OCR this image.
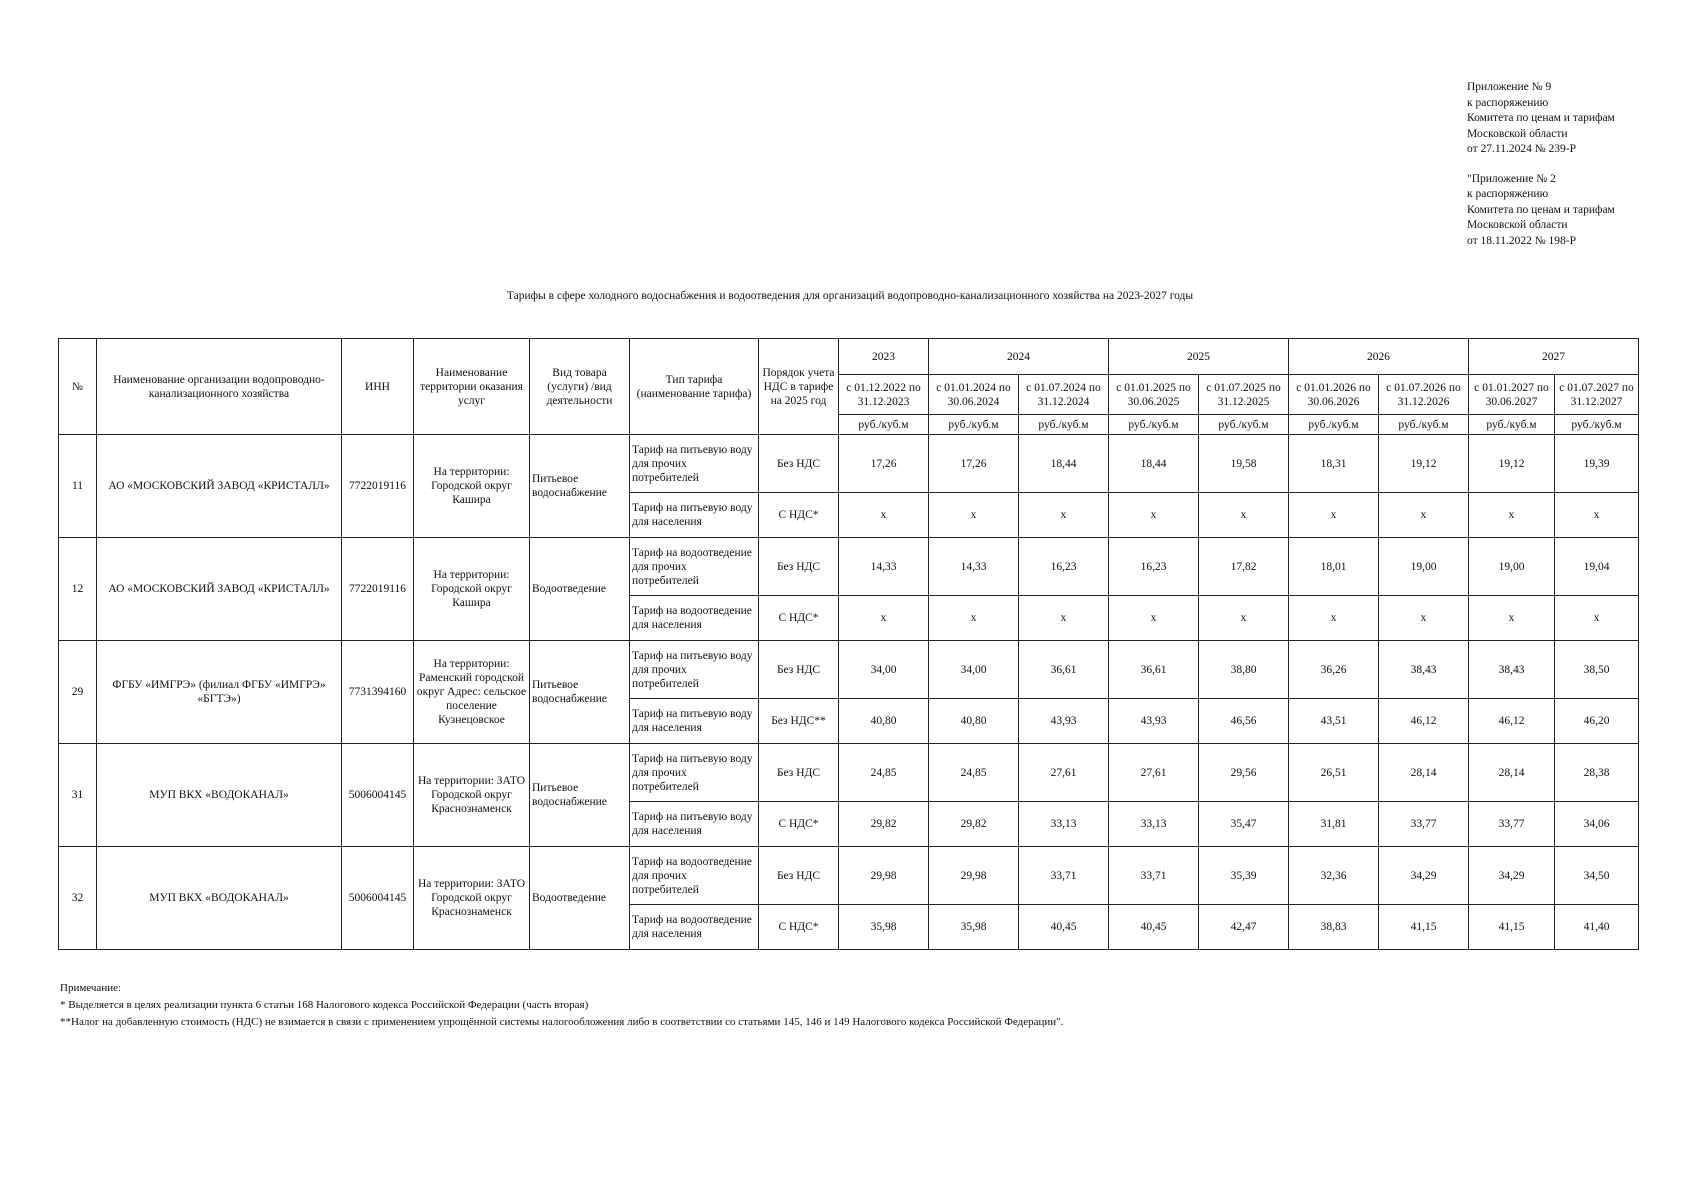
Приложение № 9
к распоряжению
Комитета по ценам и тарифам
Московской области
от 27.11.2024 № 239-Р
"Приложение № 2
к распоряжению
Комитета по ценам и тарифам
Московской области
от 18.11.2022 № 198-Р
Тарифы в сфере холодного водоснабжения и водоотведения для организаций водопроводно-канализационного хозяйства на 2023-2027 годы
№	Наименование организации водопроводно-канализационного хозяйства	ИНН	Наименование территории оказания услуг	Вид товара (услуги) /вид деятельности	Тип тарифа (наименование тарифа)	Порядок учета НДС в тарифе на 2025 год	2023	2024		2025		2026		2027	
							с 01.12.2022 по 31.12.2023	с 01.01.2024 по 30.06.2024	с 01.07.2024 по 31.12.2024	с 01.01.2025 по 30.06.2025	с 01.07.2025 по 31.12.2025	с 01.01.2026 по 30.06.2026	с 01.07.2026 по 31.12.2026	с 01.01.2027 по 30.06.2027	с 01.07.2027 по 31.12.2027
							руб./куб.м	руб./куб.м	руб./куб.м	руб./куб.м	руб./куб.м	руб./куб.м	руб./куб.м	руб./куб.м	руб./куб.м
11	АО «МОСКОВСКИЙ ЗАВОД «КРИСТАЛЛ»	7722019116	На территории: Городской округ Кашира	Питьевое водоснабжение	Тариф на питьевую воду для прочих потребителей	Без НДС	17,26	17,26	18,44	18,44	19,58	18,31	19,12	19,12	19,39
					Тариф на питьевую воду для населения	С НДС*	х	х	х	х	х	х	х	х	х
12	АО «МОСКОВСКИЙ ЗАВОД «КРИСТАЛЛ»	7722019116	На территории: Городской округ Кашира	Водоотведение	Тариф на водоотведение для прочих потребителей	Без НДС	14,33	14,33	16,23	16,23	17,82	18,01	19,00	19,00	19,04
					Тариф на водоотведение для населения	С НДС*	х	х	х	х	х	х	х	х	х
29	ФГБУ «ИМГРЭ» (филиал ФГБУ «ИМГРЭ» «БГТЭ»)	7731394160	На территории: Раменский городской округ Адрес: сельское поселение Кузнецовское	Питьевое водоснабжение	Тариф на питьевую воду для прочих потребителей	Без НДС	34,00	34,00	36,61	36,61	38,80	36,26	38,43	38,43	38,50
					Тариф на питьевую воду для населения	Без НДС**	40,80	40,80	43,93	43,93	46,56	43,51	46,12	46,12	46,20
31	МУП ВКХ «ВОДОКАНАЛ»	5006004145	На территории: ЗАТО Городской округ Краснознаменск	Питьевое водоснабжение	Тариф на питьевую воду для прочих потребителей	Без НДС	24,85	24,85	27,61	27,61	29,56	26,51	28,14	28,14	28,38
					Тариф на питьевую воду для населения	С НДС*	29,82	29,82	33,13	33,13	35,47	31,81	33,77	33,77	34,06
32	МУП ВКХ «ВОДОКАНАЛ»	5006004145	На территории: ЗАТО Городской округ Краснознаменск	Водоотведение	Тариф на водоотведение для прочих потребителей	Без НДС	29,98	29,98	33,71	33,71	35,39	32,36	34,29	34,29	34,50
					Тариф на водоотведение для населения	С НДС*	35,98	35,98	40,45	40,45	42,47	38,83	41,15	41,15	41,40
Примечание:
* Выделяется в целях реализации пункта 6 статьи 168 Налогового кодекса Российской Федерации (часть вторая)
**Налог на добавленную стоимость (НДС) не взимается в связи с применением упрощённой системы налогообложения либо в соответствии со статьями 145, 146 и 149 Налогового кодекса Российской Федерации".
